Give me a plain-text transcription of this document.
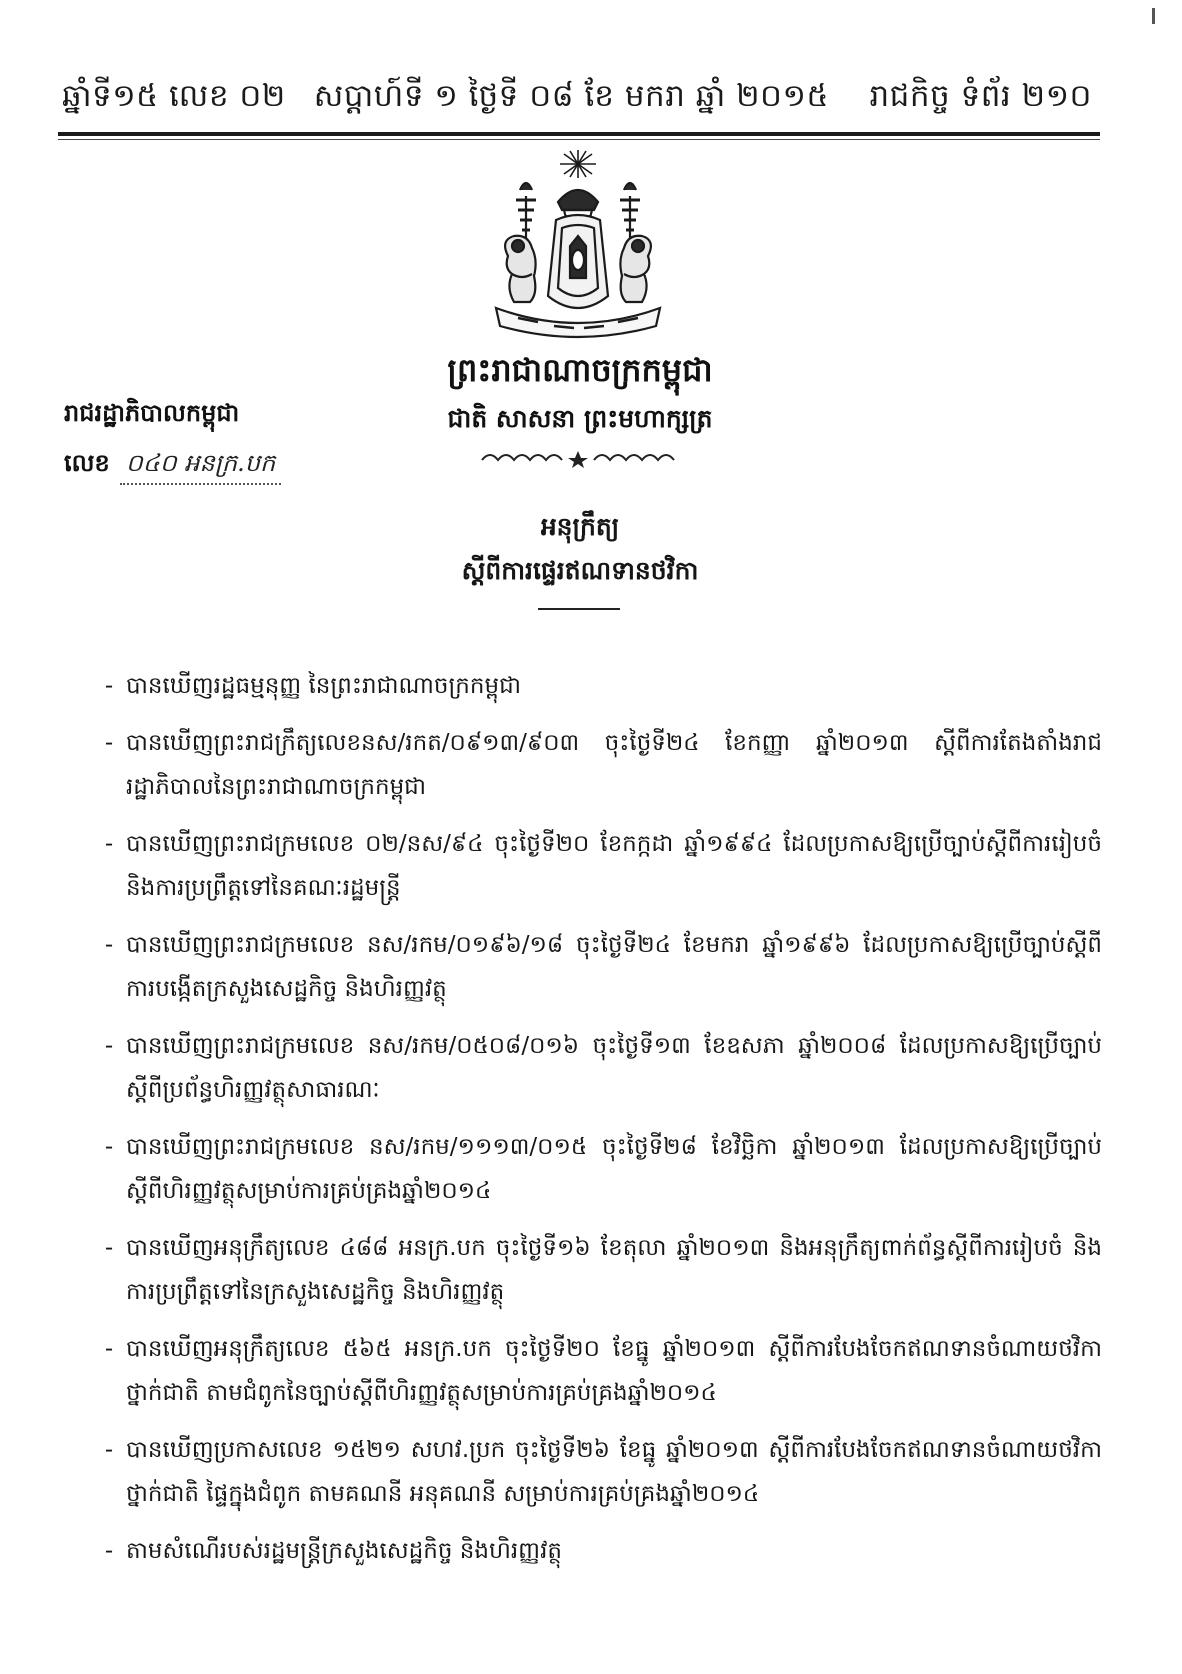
ឆ្នាំទី១៥ លេខ ០២ សប្តាហ៍ទី ១ ថ្ងៃទី ០៨ ខែ មករា ឆ្នាំ ២០១៥ រាជកិច្ច ទំព័រ ២១០
ព្រះរាជាណាចក្រកម្ពុជា
ជាតិ សាសនា ព្រះមហាក្សត្រ
រាជរដ្ឋាភិបាលកម្ពុជា
លេខ ០៤០ អនក្រ.បក
អនុក្រឹត្យ
ស្តីពីការផ្ទេរឥណទានថវិកា
- បានឃើញរដ្ឋធម្មនុញ្ញ នៃព្រះរាជាណាចក្រកម្ពុជា
- បានឃើញព្រះរាជក្រឹត្យលេខនស/រកត/០៩១៣/៩០៣ ចុះថ្ងៃទី២៤ ខែកញ្ញា ឆ្នាំ២០១៣ ស្តីពីការតែងតាំងរាជរដ្ឋាភិបាលនៃព្រះរាជាណាចក្រកម្ពុជា
- បានឃើញព្រះរាជក្រមលេខ ០២/នស/៩៤ ចុះថ្ងៃទី២០ ខែកក្កដា ឆ្នាំ១៩៩៤ ដែលប្រកាសឱ្យប្រើច្បាប់ស្តីពីការរៀបចំ និងការប្រព្រឹត្តទៅនៃគណៈរដ្ឋមន្ត្រី
- បានឃើញព្រះរាជក្រមលេខ នស/រកម/០១៩៦/១៨ ចុះថ្ងៃទី២៤ ខែមករា ឆ្នាំ១៩៩៦ ដែលប្រកាសឱ្យប្រើច្បាប់ស្តីពីការបង្កើតក្រសួងសេដ្ឋកិច្ច និងហិរញ្ញវត្ថុ
- បានឃើញព្រះរាជក្រមលេខ នស/រកម/០៥០៨/០១៦ ចុះថ្ងៃទី១៣ ខែឧសភា ឆ្នាំ២០០៨ ដែលប្រកាសឱ្យប្រើច្បាប់ស្តីពីប្រព័ន្ធហិរញ្ញវត្ថុសាធារណៈ
- បានឃើញព្រះរាជក្រមលេខ នស/រកម/១១១៣/០១៥ ចុះថ្ងៃទី២៨ ខែវិច្ឆិកា ឆ្នាំ២០១៣ ដែលប្រកាសឱ្យប្រើច្បាប់ស្តីពីហិរញ្ញវត្ថុសម្រាប់ការគ្រប់គ្រងឆ្នាំ២០១៤
- បានឃើញអនុក្រឹត្យលេខ ៤៨៨ អនក្រ.បក ចុះថ្ងៃទី១៦ ខែតុលា ឆ្នាំ២០១៣ និងអនុក្រឹត្យពាក់ព័ន្ធស្តីពីការរៀបចំ និងការប្រព្រឹត្តទៅនៃក្រសួងសេដ្ឋកិច្ច និងហិរញ្ញវត្ថុ
- បានឃើញអនុក្រឹត្យលេខ ៥៦៥ អនក្រ.បក ចុះថ្ងៃទី២០ ខែធ្នូ ឆ្នាំ២០១៣ ស្តីពីការបែងចែកឥណទានចំណាយថវិកាថ្នាក់ជាតិ តាមជំពូកនៃច្បាប់ស្តីពីហិរញ្ញវត្ថុសម្រាប់ការគ្រប់គ្រងឆ្នាំ២០១៤
- បានឃើញប្រកាសលេខ ១៥២១ សហវ.ប្រក ចុះថ្ងៃទី២៦ ខែធ្នូ ឆ្នាំ២០១៣ ស្តីពីការបែងចែកឥណទានចំណាយថវិកាថ្នាក់ជាតិ ផ្ទៃក្នុងជំពូក តាមគណនី អនុគណនី សម្រាប់ការគ្រប់គ្រងឆ្នាំ២០១៤
- តាមសំណើរបស់រដ្ឋមន្ត្រីក្រសួងសេដ្ឋកិច្ច និងហិរញ្ញវត្ថុ
